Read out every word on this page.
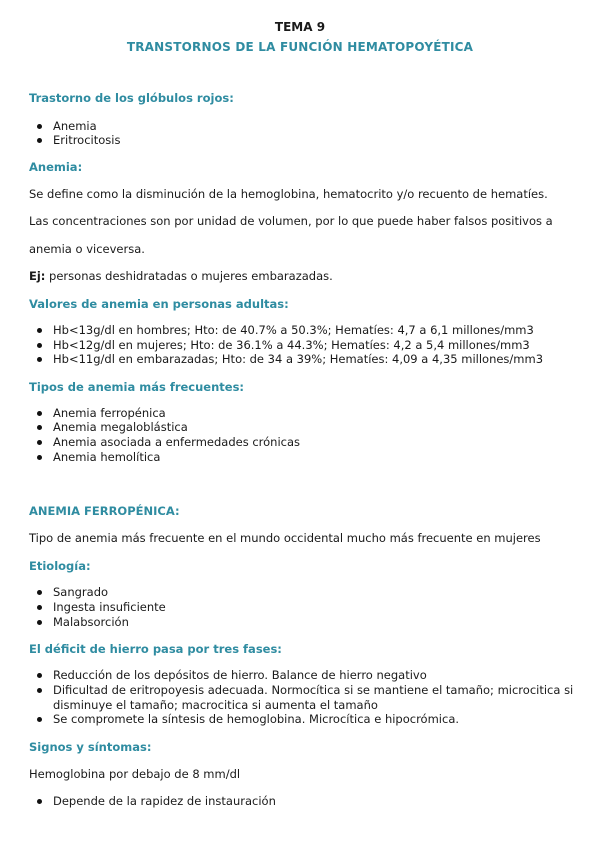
TEMA 9
TRANSTORNOS DE LA FUNCIÓN HEMATOPOYÉTICA
Trastorno de los glóbulos rojos:
Anemia
Eritrocitosis
Anemia:
Se define como la disminución de la hemoglobina, hematocrito y/o recuento de hematíes.
Las concentraciones son por unidad de volumen, por lo que puede haber falsos positivos a
anemia o viceversa.
Ej: personas deshidratadas o mujeres embarazadas.
Valores de anemia en personas adultas:
Hb<13g/dl en hombres; Hto: de 40.7% a 50.3%; Hematíes: 4,7 a 6,1 millones/mm3
Hb<12g/dl en mujeres; Hto: de 36.1% a 44.3%; Hematíes: 4,2 a 5,4 millones/mm3
Hb<11g/dl en embarazadas; Hto: de 34 a 39%; Hematíes: 4,09 a 4,35 millones/mm3
Tipos de anemia más frecuentes:
Anemia ferropénica
Anemia megaloblástica
Anemia asociada a enfermedades crónicas
Anemia hemolítica
ANEMIA FERROPÉNICA:
Tipo de anemia más frecuente en el mundo occidental mucho más frecuente en mujeres
Etiología:
Sangrado
Ingesta insuficiente
Malabsorción
El déficit de hierro pasa por tres fases:
Reducción de los depósitos de hierro. Balance de hierro negativo
Dificultad de eritropoyesis adecuada. Normocítica si se mantiene el tamaño; microcitica si
disminuye el tamaño; macrocitica si aumenta el tamaño
Se compromete la síntesis de hemoglobina. Microcítica e hipocrómica.
Signos y síntomas:
Hemoglobina por debajo de 8 mm/dl
Depende de la rapidez de instauración
